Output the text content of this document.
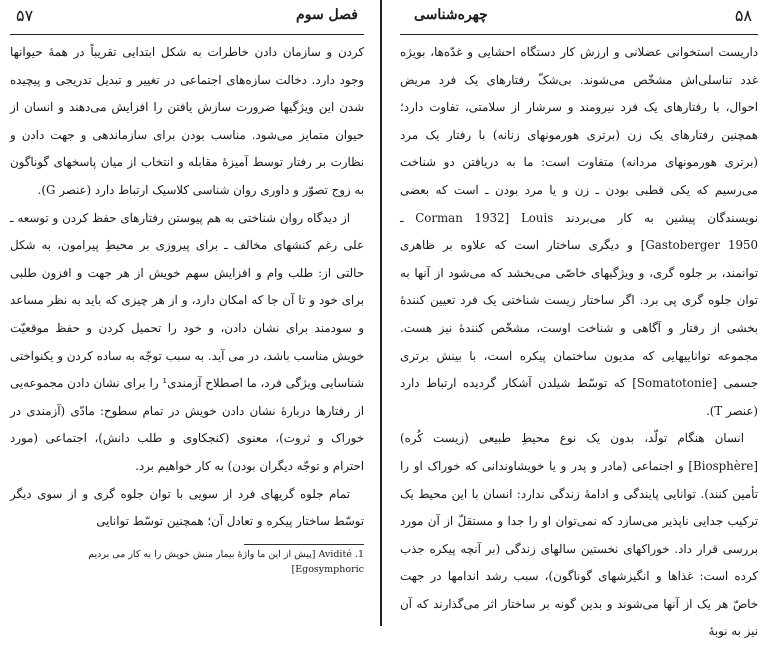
۵۷	فصل سوم

کردن و سازمان دادن خاطرات به شکل ابتدایی تقریباً در همهٔ حیوانها وجود دارد. دخالت سازه‌های اجتماعی در تغییر و تبدیل تدریجی و پیچیده شدن این ویژگیها ضرورت سازش یافتن را افزایش می‌دهند و انسان از حیوان متمایز می‌شود. مناسب بودن برای سازماندهی و جهت دادن و نظارت بر رفتار توسط آمیزهٔ مقابله و انتخاب از میان پاسخهای گوناگون به زوج تصوّر و داوری روان شناسی کلاسیک ارتباط دارد (عنصر G).

از دیدگاه روان شناختی به هم پیوستن رفتارهای حفظ کردن و توسعه ـ علی رغم کنشهای مخالف ـ برای پیروزی بر محیطِ پیرامون، به شکل حالتی از: طلب وام و افزایش سهم خویش از هر جهت و افزون طلبی برای خود و تا آن جا که امکان دارد، و از هر چیزی که باید به نظر مساعد و سودمند برای نشان دادن، و خود را تحمیل کردن و حفظ موقعیّت خویش مناسب باشد، در می آید. به سبب توجّه به ساده کردن و یکنواختی شناسایی ویژگی فرد، ما اصطلاح آزمندی¹ را برای نشان دادن مجموعه‌یی از رفتارها دربارهٔ نشان دادن خویش در تمام سطوح: مادّی (آزمندی در خوراک و ثروت)، معنوی (کنجکاوی و طلب دانش)، اجتماعی (مورد احترام و توجّه دیگران بودن) به کار خواهیم برد.

تمام جلوه گریهای فرد از سویی با توان جلوه گری و از سوی دیگر توسّط ساختار پیکره و تعادل آن؛ همچنین توسّط توانایی

1. Avidité [پیش از این ما واژهٔ بیمار منش خویش را به کار می بردیم
Egosymphoric]
چهره‌شناسی	۵۸

داریست استخوانی عضلانی و ارزش کار دستگاه احشایی و غدّه‌ها، بویژه غدد تناسلی‌اش مشخّص می‌شوند. بی‌شکّ رفتارهای یک فرد مریض احوال، با رفتارهای یک فرد نیرومند و سرشار از سلامتی، تفاوت دارد؛ همچنین رفتارهای یک زن (برتری هورمونهای زنانه) با رفتار یک مرد (برتری هورمونهای مردانه) متفاوت است: ما به دریافتن دو شناخت می‌رسیم که یکی قطبی بودن ـ زن و یا مرد بودن ـ است که بعضی نویسندگان پیشین به کار می‌بردند Louis [Corman 1932 ـ Gastoberger 1950] و دیگری ساختار است که علاوه بر ظاهری توانمند، بر جلوه گری، و ویژگیهای خاصّی می‌بخشد که می‌شود از آنها به توان جلوه گری پی برد. اگر ساختار زیست شناختی یک فرد تعیین کنندهٔ بخشی از رفتار و آگاهی و شناخت اوست، مشخّص کنندهٔ نیز هست. مجموعه تواناییهایی که مدیون ساختمان پیکره است، با بینش برتری جسمی [Somatotonie] که توسّط شیلدن آشکار گردیده ارتباط دارد (عنصر T).

انسان هنگام تولّد، بدون یک نوع محیطِ طبیعی (زیست کُره) [Biosphère] و اجتماعی (مادر و پدر و یا خویشاوندانی که خوراک او را تأمین کنند). توانایی پایندگی و ادامهٔ زندگی ندارد: انسان با این محیط یک ترکیب جدایی ناپذیر می‌سازد که نمی‌توان او را جدا و مستقلّ از آن مورد بررسی قرار داد. خوراکهای نخستین سالهای زندگی (بر آنچه پیکره جذب کرده است: غذاها و انگیزشهای گوناگون)، سبب رشد اندامها در جهت خاصّ هر یک از آنها می‌شوند و بدین گونه بر ساختار اثر می‌گذارند که آن نیز به نوبهٔ
